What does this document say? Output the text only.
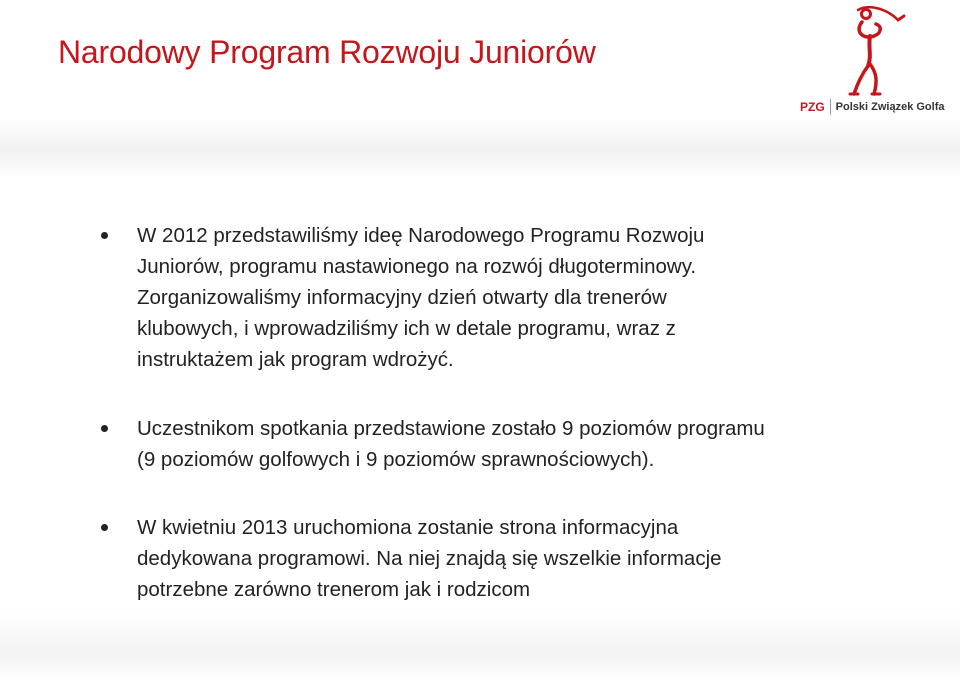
Narodowy Program Rozwoju Juniorów
PZG Polski Związek Golfa
W 2012 przedstawiliśmy ideę Narodowego Programu Rozwoju
Juniorów, programu nastawionego na rozwój długoterminowy.
Zorganizowaliśmy informacyjny dzień otwarty dla trenerów
klubowych, i wprowadziliśmy ich w detale programu, wraz z
instruktażem jak program wdrożyć.
Uczestnikom spotkania przedstawione zostało 9 poziomów programu
(9 poziomów golfowych i 9 poziomów sprawnościowych).
W kwietniu 2013 uruchomiona zostanie strona informacyjna
dedykowana programowi. Na niej znajdą się wszelkie informacje
potrzebne zarówno trenerom jak i rodzicom
